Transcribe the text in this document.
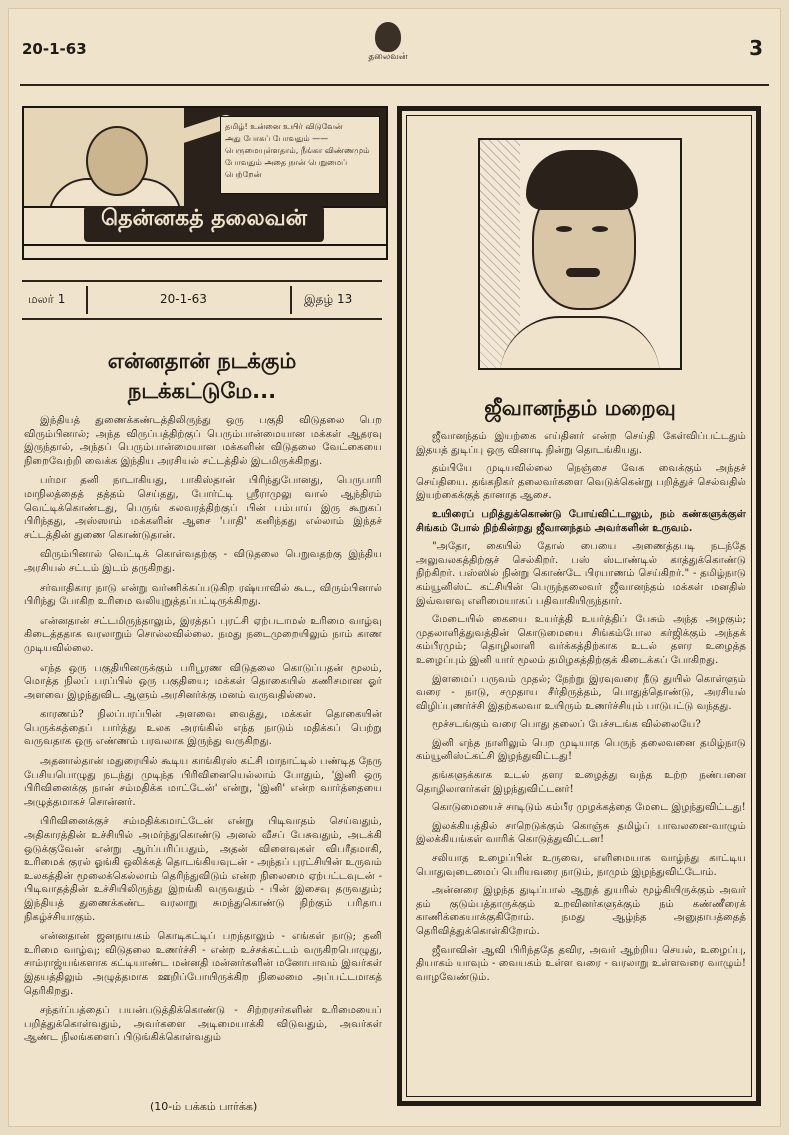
20-1-63	தலைவன்	3
தமிழ்! உன்னை உயிர் விடுவேன்
அது போகப் போவதும் ——
பெருமையுள்ளதாம், நீங்கா விண்ணமும்
போவதும் அதை நான் பெறுமைப் பெற்றேன்
தென்னகத் தலைவன்
மலர் 1	20-1-63	இதழ் 13
என்னதான் நடக்கும்
நடக்கட்டுமே...

இந்தியத் துணைக்கண்டத்திலிருந்து ஒரு பகுதி விடுதலை பெற விரும்பினால்; அந்த விருப்பத்திற்குப் பெரும்பான்மையான மக்கள் ஆதரவு இருந்தால், அந்தப் பெரும்பான்மையான மக்களின் விடுதலை வேட்கையை நிறைவேற்றி வைக்க இந்திய அரசியல் சட்டத்தில் இடமிருக்கிறது.

பர்மா தனி நாடாகியது, பாகிஸ்தான் பிரிந்துபோனது, பெருபாரி மாநிலத்தைத் தத்தம் செய்தது, போர்ட்டி ஸ்ரீராமுலு வால் ஆந்திரம் வெட்டிக்கொண்டது, பெருங் கலவரத்திற்குப் பின் பம்பாய் இரு கூறுகப் பிரிந்தது, அஸ்ஸாம் மக்களின் ஆசை 'பாதி' கனிந்தது எல்லாம் இந்தச் சட்டத்தின் துணை கொண்டுதான்.

விரும்பினால் வெட்டிக் கொள்வதற்கு - விடுதலை பெறுவதற்கு இந்திய அரசியல் சட்டம் இடம் தருகிறது.

சர்வாதிகார நாடு என்று வர்ணிக்கப்படுகிற ரஷ்யாவில் கூட, விரும்பினால் பிரிந்து போகிற உரிமை வலியுறுத்தப்பட்டிருக்கிறது.

என்னதான் சட்டமிருந்தாலும், இரத்தப் புரட்சி ஏற்படாமல் உரிமை வாழ்வு கிடைத்ததாக வரலாறும் சொல்லவில்லை. நமது நடைமுறையிலும் நாம் காண முடியவில்லை.

எந்த ஒரு பகுதியினருக்கும் பரிபூரண விடுதலை கொடுப்பதன் மூலம், மொத்த நிலப் பரப்பில் ஒரு பகுதியை; மக்கள் தொகையில் கணிசமான ஓர் அளவை இழந்துவிட ஆளும் அரசினர்க்கு மனம் வருவதில்லை.

காரணம்? நிலப்பரப்பின் அளவை வைத்து, மக்கள் தொகையின் பெருக்கத்தைப் பார்த்து உலக அரங்கில் எந்த நாடும் மதிக்கப் பெற்று வருவதாக ஒரு எண்ணம் பரவலாக இருந்து வருகிறது.

அதனால்தான் மதுரையில் கூடிய காங்கிரஸ் கட்சி மாநாட்டில் பண்டித நேரு பேசியபொழுது நடந்து முடிந்த பிரிவினையெல்லாம் போதும், 'இனி ஒரு பிரிவினைக்கு நான் சம்மதிக்க மாட்டேன்' என்று, 'இனி' என்ற வார்த்தையை அழுத்தமாகச் சொன்னர்.

பிரிவினைக்குச் சம்மதிக்கமாட்டேன் என்று பிடிவாதம் செய்வதும், அதிகாரத்தின் உச்சியில் அமர்ந்துகொண்டு அனல் வீசப் பேசுவதும், அடக்கி ஒடுக்குவேன் என்று ஆர்ப்பரிப்பதும், அதன் விளைவுகள் விபரீதமாகி, உரிமைக் குரல் ஓங்கி ஒலிக்கத் தொடங்கியவுடன் - அந்தப் புரட்சியின் உருவம் உலகத்தின் மூலைக்கெல்லாம் தெரிந்துவிடும் என்ற நிலைமை ஏற்பட்டவுடன் - பிடிவாதத்தின் உச்சியிலிருந்து இறங்கி வருவதும் - பின் இசைவு தருவதும்; இந்தியத் துணைக்கண்ட வரலாறு சுமந்துகொண்டு நிற்கும் பரிதாப நிகழ்ச்சியாகும்.

என்னதான் ஜனநாயகம் கொடிகட்டிப் பறந்தாலும் - எங்கள் நாடு; தனி உரிமை வாழ்வு; விடுதலை உணர்ச்சி - என்ற உச்சக்கட்டம் வருகிறபொழுது, சாம்ராஜ்யங்களாக கட்டியாண்ட மன்னதி மன்னர்களின் மனோபாவம் இவர்கள் இதயத்திலும் அழுத்தமாக ஊறிப்போயிருக்கிற நிலைமை அப்பட்டமாகத் தெரிகிறது.

சந்தர்ப்பத்தைப் பயன்படுத்திக்கொண்டு - சிற்றரசர்களின் உரிமையைப் பறித்துக்கொள்வதும், அவர்களை அடிமையாக்கி விடுவதும், அவர்கள் ஆண்ட நிலங்களைப் பிடுங்கிக்கொள்வதும்

(10-ம் பக்கம் பார்க்க)
ஜீவானந்தம் மறைவு

ஜீவானந்தம் இயற்கை எய்தினர் என்ற செய்தி கேள்விப்பட்டதும் இதயத் துடிப்பு ஒரு வினாடி நின்று தொடங்கியது.

தம்பியே முடியவில்லை நெஞ்சை வேக வைக்கும் அந்தச் செய்தியை. தங்கநிகர் தலைவர்களை வெடுக்கென்று பறித்துச் செல்வதில் இயற்கைக்குத் தானாத ஆசை.

உயிரைப் பறித்துக்கொண்டு போய்விட்டாலும், நம் கண்களுக்குள் சிங்கம் போல் நிற்கின்றது ஜீவானந்தம் அவர்களின் உருவம்.

"அதோ, கையில் தோல் பையை அணைத்தபடி நடந்தே அலுவலகத்திற்குச் செல்கிறர். பஸ் ஸ்டாண்டில் காத்துக்கொண்டு நிற்கிறர். பஸ்ஸில் நின்று கொண்டே பிரயாணம் செய்கிறர்." - தமிழ்நாடு கம்யூனிஸ்ட் கட்சியின் பெருந்தலைவர் ஜீவானந்தம் மக்கள் மனதில் இவ்வளவு எளிமையாகப் பதிவாகியிருந்தார்.

மேடையில் கையை உயர்த்தி உயர்த்திப் பேசும் அந்த அழகும்; முதலாளித்துவத்தின் கொடுமையை சிங்கம்போல கர்ஜிக்கும் அந்தக் கம்பீரமும்; தொழிலாளி வர்க்கத்திற்காக உடல் தளர உழைத்த உழைப்பும் இனி யார் மூலம் தமிழகத்திற்குக் கிடைக்கப் போகிறது.

இளமைப் பருவம் முதல்; நேற்று இரவுவரை நீடு துயில் கொள்ளும் வரை - நாடு, சமுதாய சீர்திருத்தம், பொதுத்தொண்டு, அரசியல் விழிப்புணர்ச்சி இதற்கலவா உயிரும் உணர்ச்சியும் பாடுபட்டு வந்தது.

மூச்சடங்கும் வரை பொது தலைப் பேச்சடங்க வில்லையே?

இனி எந்த நாளிலும் பெற முடியாத பெருந் தலைவனை தமிழ்நாடு கம்யூனிஸ்ட்கட்சி இழந்துவிட்டது!

தங்களுக்காக உடல் தளர உழைத்து வந்த உற்ற நண்பனை தொழிலாளர்கள் இழந்துவிட்டனர்!

கொடுமையைச் சாடிடும் கம்பீர முழக்கத்தை மேடை இழந்துவிட்டது!

இலக்கியத்தில் சாறெடுக்கும் கொஞ்சு தமிழ்ப் பாவலனை-வாழும் இலக்கியங்கள் வாரிக் கொடுத்துவிட்டன!

சலியாத உழைப்பின் உருவை, எளிமையாக வாழ்ந்து காட்டிய பொதுவுடைமைப் பெரியவரை நாடும், நாமும் இழந்துவிட்டோம்.

அன்னரை இழந்த துடிப்பால் ஆறுத் துயரில் மூழ்கியிருக்கும் அவர் தம் குடும்பத்தாருக்கும் உறவினர்களுக்கும் நம் கண்ணீரைக் காணிக்கையாக்குகிறோம். நமது ஆழ்ந்த அனுதாபத்தைத் தெரிவித்துக்கொள்கிறோம்.

ஜீவாவின் ஆவி பிரிந்ததே தவிர, அவர் ஆற்றிய செயல், உழைப்பு, தியாகம் யாவும் - வையகம் உள்ள வரை - வரலாறு உள்ளவரை வாழும்! வாழவேண்டும்.
